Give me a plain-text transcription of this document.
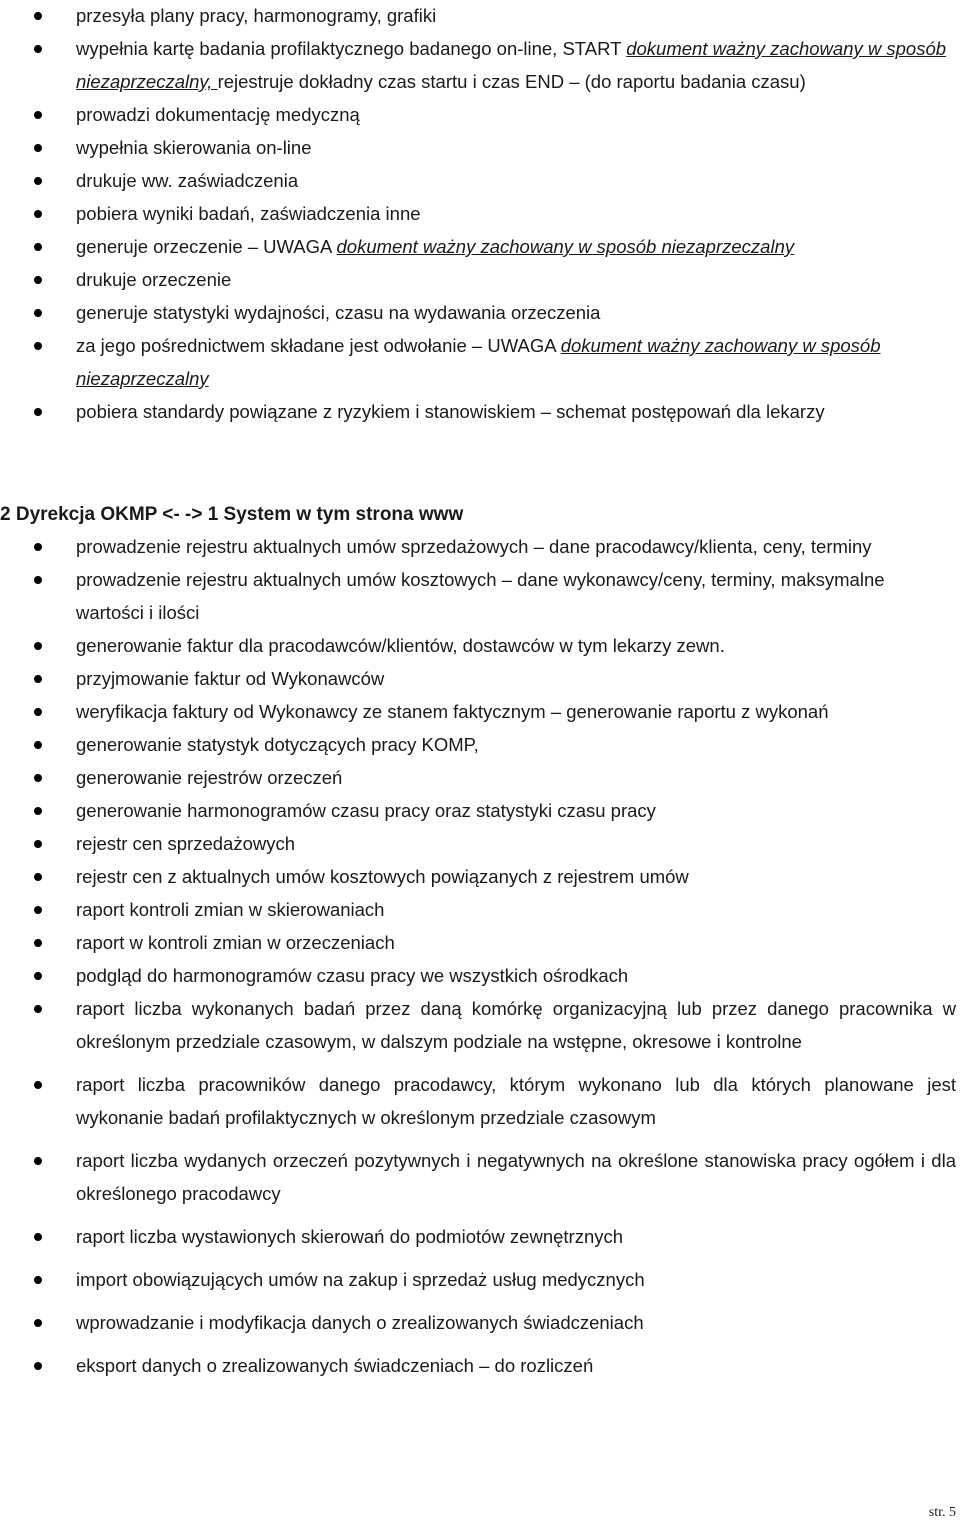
przesyła plany pracy, harmonogramy, grafiki
wypełnia kartę badania profilaktycznego badanego on-line, START dokument ważny zachowany w sposób niezaprzeczalny, rejestruje dokładny czas startu i czas END – (do raportu badania czasu)
prowadzi dokumentację medyczną
wypełnia skierowania on-line
drukuje ww. zaświadczenia
pobiera wyniki badań, zaświadczenia inne
generuje orzeczenie – UWAGA dokument ważny zachowany w sposób niezaprzeczalny
drukuje orzeczenie
generuje statystyki wydajności, czasu na wydawania orzeczenia
za jego pośrednictwem składane jest odwołanie – UWAGA dokument ważny zachowany w sposób niezaprzeczalny
pobiera standardy powiązane z ryzykiem i stanowiskiem – schemat postępowań dla lekarzy
2 Dyrekcja OKMP <- -> 1 System w tym strona www
prowadzenie rejestru aktualnych umów sprzedażowych – dane pracodawcy/klienta, ceny, terminy
prowadzenie rejestru aktualnych umów kosztowych – dane wykonawcy/ceny, terminy, maksymalne wartości i ilości
generowanie faktur dla pracodawców/klientów, dostawców w tym lekarzy zewn.
przyjmowanie faktur od Wykonawców
weryfikacja faktury od Wykonawcy ze stanem faktycznym – generowanie raportu z wykonań
generowanie statystyk dotyczących pracy KOMP,
generowanie rejestrów orzeczeń
generowanie harmonogramów czasu pracy oraz statystyki czasu pracy
rejestr cen sprzedażowych
rejestr cen z aktualnych umów kosztowych powiązanych z rejestrem umów
raport kontroli zmian w skierowaniach
raport w kontroli zmian w orzeczeniach
podgląd do harmonogramów czasu pracy we wszystkich ośrodkach
raport liczba wykonanych badań przez daną komórkę organizacyjną lub przez danego pracownika w określonym przedziale czasowym, w dalszym podziale na wstępne, okresowe i kontrolne
raport liczba pracowników danego pracodawcy, którym wykonano lub dla których planowane jest wykonanie badań profilaktycznych w określonym przedziale czasowym
raport liczba wydanych orzeczeń pozytywnych i negatywnych na określone stanowiska pracy ogółem i dla określonego pracodawcy
raport liczba wystawionych skierowań do podmiotów zewnętrznych
import obowiązujących umów na zakup i sprzedaż usług medycznych
wprowadzanie i modyfikacja danych o zrealizowanych świadczeniach
eksport danych o zrealizowanych świadczeniach – do rozliczeń
str. 5
